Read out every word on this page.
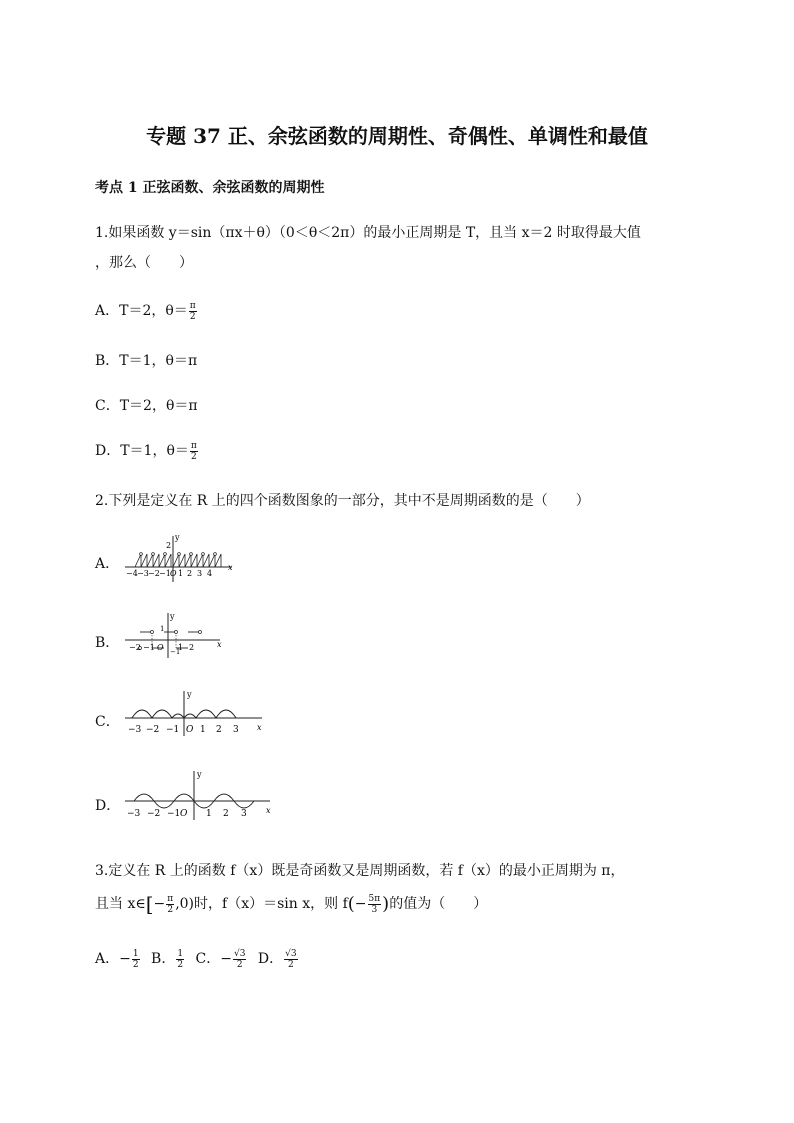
专题 37 正、余弦函数的周期性、奇偶性、单调性和最值
考点 1 正弦函数、余弦函数的周期性
1.如果函数 y＝sin（πx＋θ）（0＜θ＜2π）的最小正周期是 T，且当 x＝2 时取得最大值
，那么（　　）
A．T＝2，$\theta= \frac{\pi}{2}$
B．T＝1，θ＝π
C．T＝2，θ＝π
D．T＝1，$\theta= \frac{\pi}{2}$
2.下列是定义在 R 上的四个函数图象的一部分，其中不是周期函数的是（　　）
A．
y
2
x
−4 −3 −2 −1 O 1 2 3 4
B．
y
1
−1
x
−2 −1 O 1 2
C．
y
x
−3 −2 −1 O 1 2 3
D．
y
x
−3 −2 −1 O 1 2 3
3.定义在 R 上的函数 f（x）既是奇函数又是周期函数，若 f（x）的最小正周期为 π，
且当 x∈[− $\frac{\pi}{2} ,0$)时，f（x）＝sin x，则 $f(- \frac{5\pi}{3}$ )的值为（　　）
A．− $\frac{1}{2}$ B． $\frac{1}{2}$ C．− $\frac{√3}{2}$ D． $\frac{√3}{2}$
